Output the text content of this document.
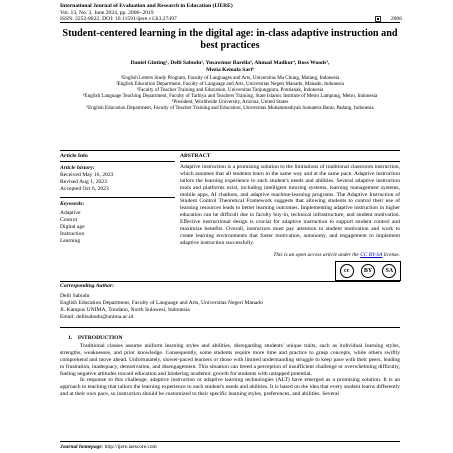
International Journal of Evaluation and Research in Education (IJERE)
Vol. 13, No. 3, June 2024, pp. 2006~2019
ISSN: 2252-8822, DOI: 10.11591/ijere.v13i3.27497	2006
Student-centered learning in the digital age: in-class adaptive instruction and best practices
Daniel Ginting¹, Delli Sabudu², Yusawinur Barella³, Ahmad Madkur⁴, Ross Woods⁵,
Mezia Kemala Sari⁶
¹English Letters Study Program, Faculty of Languages and Arts, Universitas Ma Chung, Malang, Indonesia
²English Education Department, Faculty of Language and Arts, Universitas Negeri Manado, Manado, Indonesia
³Faculty of Teacher Training and Education, Universitas Tanjungpura, Pontianak, Indonesia
⁴English Language Teaching Department, Faculty of Tarbiya and Teachers Training, State Islamic Institute of Metro Lampung, Metro, Indonesia
⁵President, Worldwide University, Arizona, United States
⁶English Education Department, Faculty of Teacher Training and Education, Universitas Muhammadiyah Sumatera Barat, Padang, Indonesia
Article Info
Article history:
Received May 16, 2023
Revised Aug 1, 2023
Accepted Oct 6, 2023
Keywords:
Adaptive
Control
Digital age
Instruction
Learning
ABSTRACT

Adaptive instruction is a promising solution to the limitations of traditional classroom instruction, which assumes that all students learn in the same way and at the same pace. Adaptive instruction tailors the learning experience to each student's needs and abilities. Several adaptive instruction tools and platforms exist, including intelligent tutoring systems, learning management systems, mobile apps, AI chatbots, and adaptive machine-learning programs. The Adaptive Instruction of Student Control Theoretical Framework suggests that allowing students to control their use of learning resources leads to better learning outcomes. Implementing adaptive instruction in higher education can be difficult due to faculty buy-in, technical infrastructure, and student motivation. Effective instructional design is crucial for adaptive instruction to support student control and maximize benefits. Overall, instructors must pay attention to student motivation and work to create learning environments that foster motivation, autonomy, and engagement to implement adaptive instruction successfully.

This is an open access article under the CC BY-SA license.
cc	BY	SA
Corresponding Author:
Delli Sabudu
English Education Department, Faculty of Language and Arts, Universitas Negeri Manado
Jl. Kampus UNIMA, Tondano, North Sulawesi, Indonesia
Email: dellisabudu@unima.ac.id
1.    INTRODUCTION

Traditional classes assume uniform learning styles and abilities, disregarding students' unique traits, such as individual learning styles, strengths, weaknesses, and prior knowledge. Consequently, some students require more time and practice to grasp concepts, while others swiftly comprehend and move ahead. Unfortunately, slower-paced learners or those with limited understanding struggle to keep pace with their peers, leading to frustration, inadequacy, demotivation, and disengagement. This situation can breed a perception of insufficient challenge or overwhelming difficulty, fueling negative attitudes toward education and hindering academic growth for students with untapped potential.

In response to this challenge, adaptive instruction or adaptive learning technologies (ALT) have emerged as a promising solution. It is an approach to teaching that tailors the learning experience to each student's needs and abilities. It is based on the idea that every student learns differently and at their own pace, so instruction should be customized to their specific learning styles, preferences, and abilities. Several

Journal homepage: http://ijere.iaescore.com
